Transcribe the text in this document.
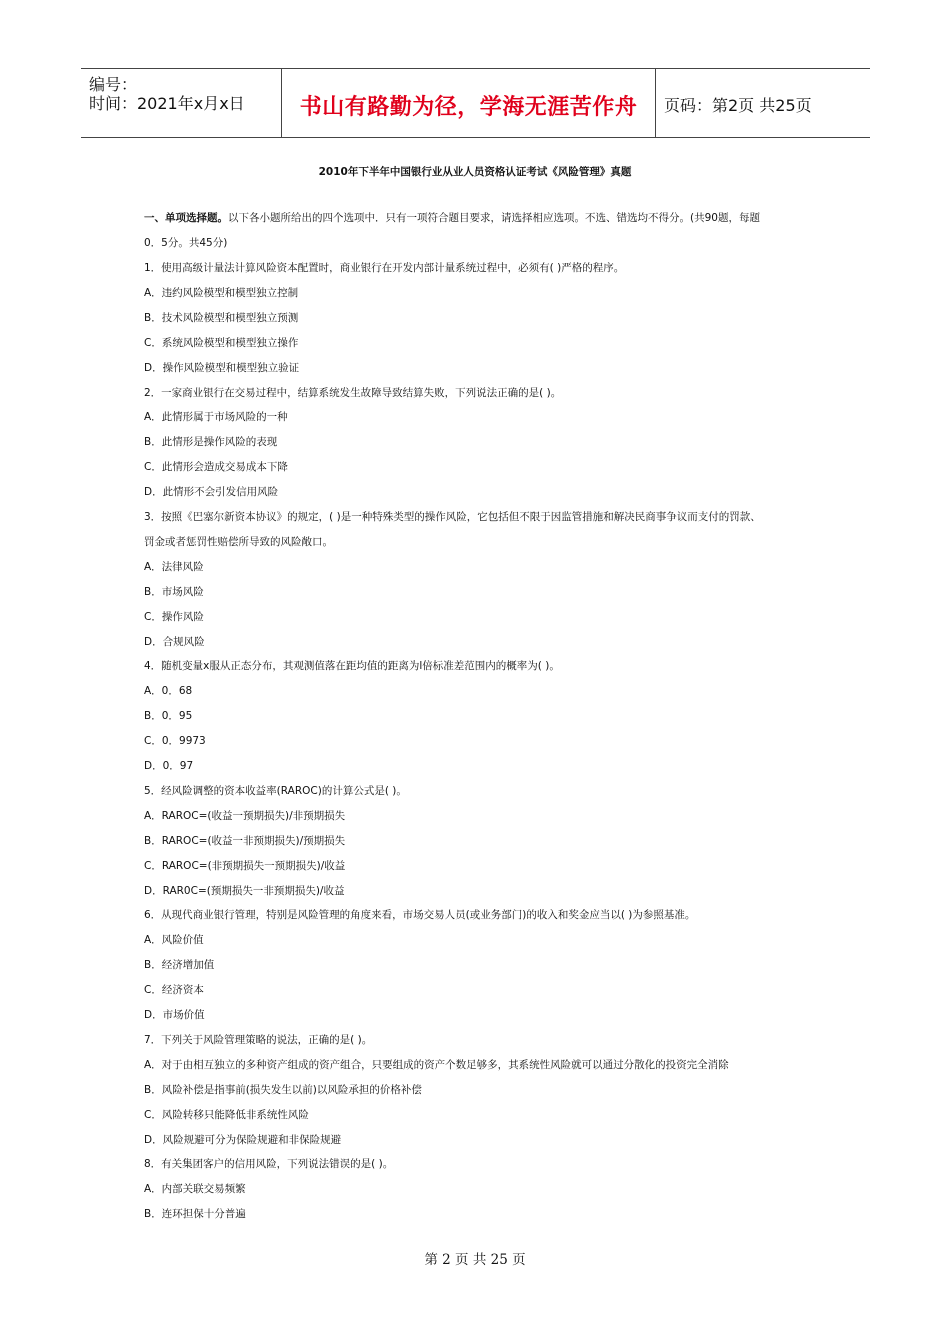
编号：
时间：2021年x月x日	书山有路勤为径，学海无涯苦作舟	页码：第2页 共25页
2010年下半年中国银行业从业人员资格认证考试《风险管理》真题
一、单项选择题。以下各小题所给出的四个选项中．只有一项符合题目要求，请选择相应选项。不选、错选均不得分。(共90题，每题
0．5分。共45分)
1．使用高级计量法计算风险资本配置时，商业银行在开发内部计量系统过程中，必须有( )严格的程序。
A．违约风险模型和模型独立控制
B．技术风险模型和模型独立预测
C．系统风险模型和模型独立操作
D．操作风险模型和模型独立验证
2．一家商业银行在交易过程中，结算系统发生故障导致结算失败，下列说法正确的是( )。
A．此情形属于市场风险的一种
B．此情形是操作风险的表现
C．此情形会造成交易成本下降
D．此情形不会引发信用风险
3．按照《巴塞尔新资本协议》的规定，( )是一种特殊类型的操作风险，它包括但不限于因监管措施和解决民商事争议而支付的罚款、
罚金或者惩罚性赔偿所导致的风险敞口。
A．法律风险
B．市场风险
C．操作风险
D．合规风险
4．随机变量x服从正态分布，其观测值落在距均值的距离为l倍标准差范围内的概率为( )。
A．0．68
B．0．95
C．0．9973
D．0．97
5．经风险调整的资本收益率(RAROC)的计算公式是( )。
A．RAROC=(收益一预期损失)/非预期损失
B．RAROC=(收益一非预期损失)/预期损失
C．RAROC=(非预期损失一预期损失)/收益
D．RAR0C=(预期损失一非预期损失)/收益
6．从现代商业银行管理，特别是风险管理的角度来看，市场交易人员(或业务部门)的收入和奖金应当以( )为参照基准。
A．风险价值
B．经济增加值
C．经济资本
D．市场价值
7．下列关于风险管理策略的说法，正确的是( )。
A．对于由相互独立的多种资产组成的资产组合，只要组成的资产个数足够多，其系统性风险就可以通过分散化的投资完全消除
B．风险补偿是指事前(损失发生以前)以风险承担的价格补偿
C．风险转移只能降低非系统性风险
D．风险规避可分为保险规避和非保险规避
8．有关集团客户的信用风险，下列说法错误的是( )。
A．内部关联交易频繁
B．连环担保十分普遍
第 2 页 共 25 页
